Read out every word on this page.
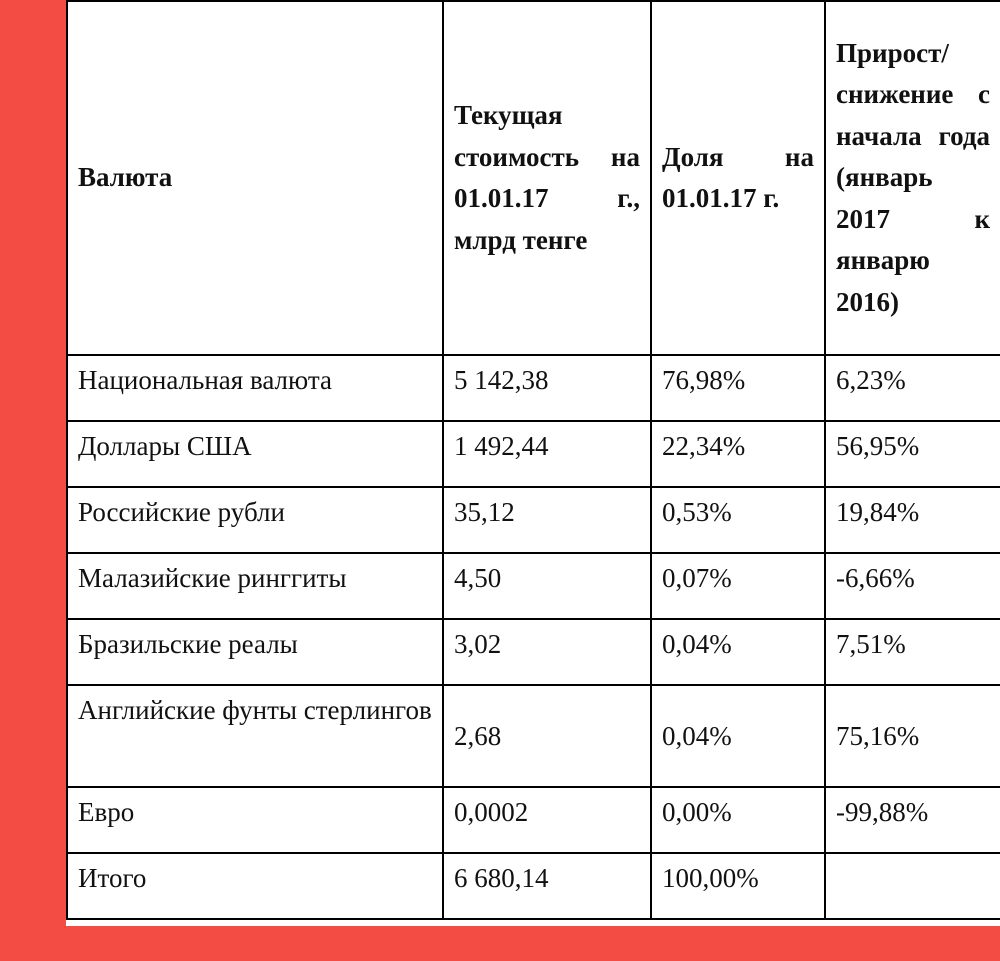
Валюта	Текущая стоимость на 01.01.17 г., млрд тенге	Доля на 01.01.17 г.	Прирост/ снижение с начала года (январь 2017 к январю 2016)
Национальная валюта	5 142,38	76,98%	6,23%
Доллары США	1 492,44	22,34%	56,95%
Российские рубли	35,12	0,53%	19,84%
Малазийские ринггиты	4,50	0,07%	-6,66%
Бразильские реалы	3,02	0,04%	7,51%
Английские фунты стерлингов	2,68	0,04%	75,16%
Евро	0,0002	0,00%	-99,88%
Итого	6 680,14	100,00%	
